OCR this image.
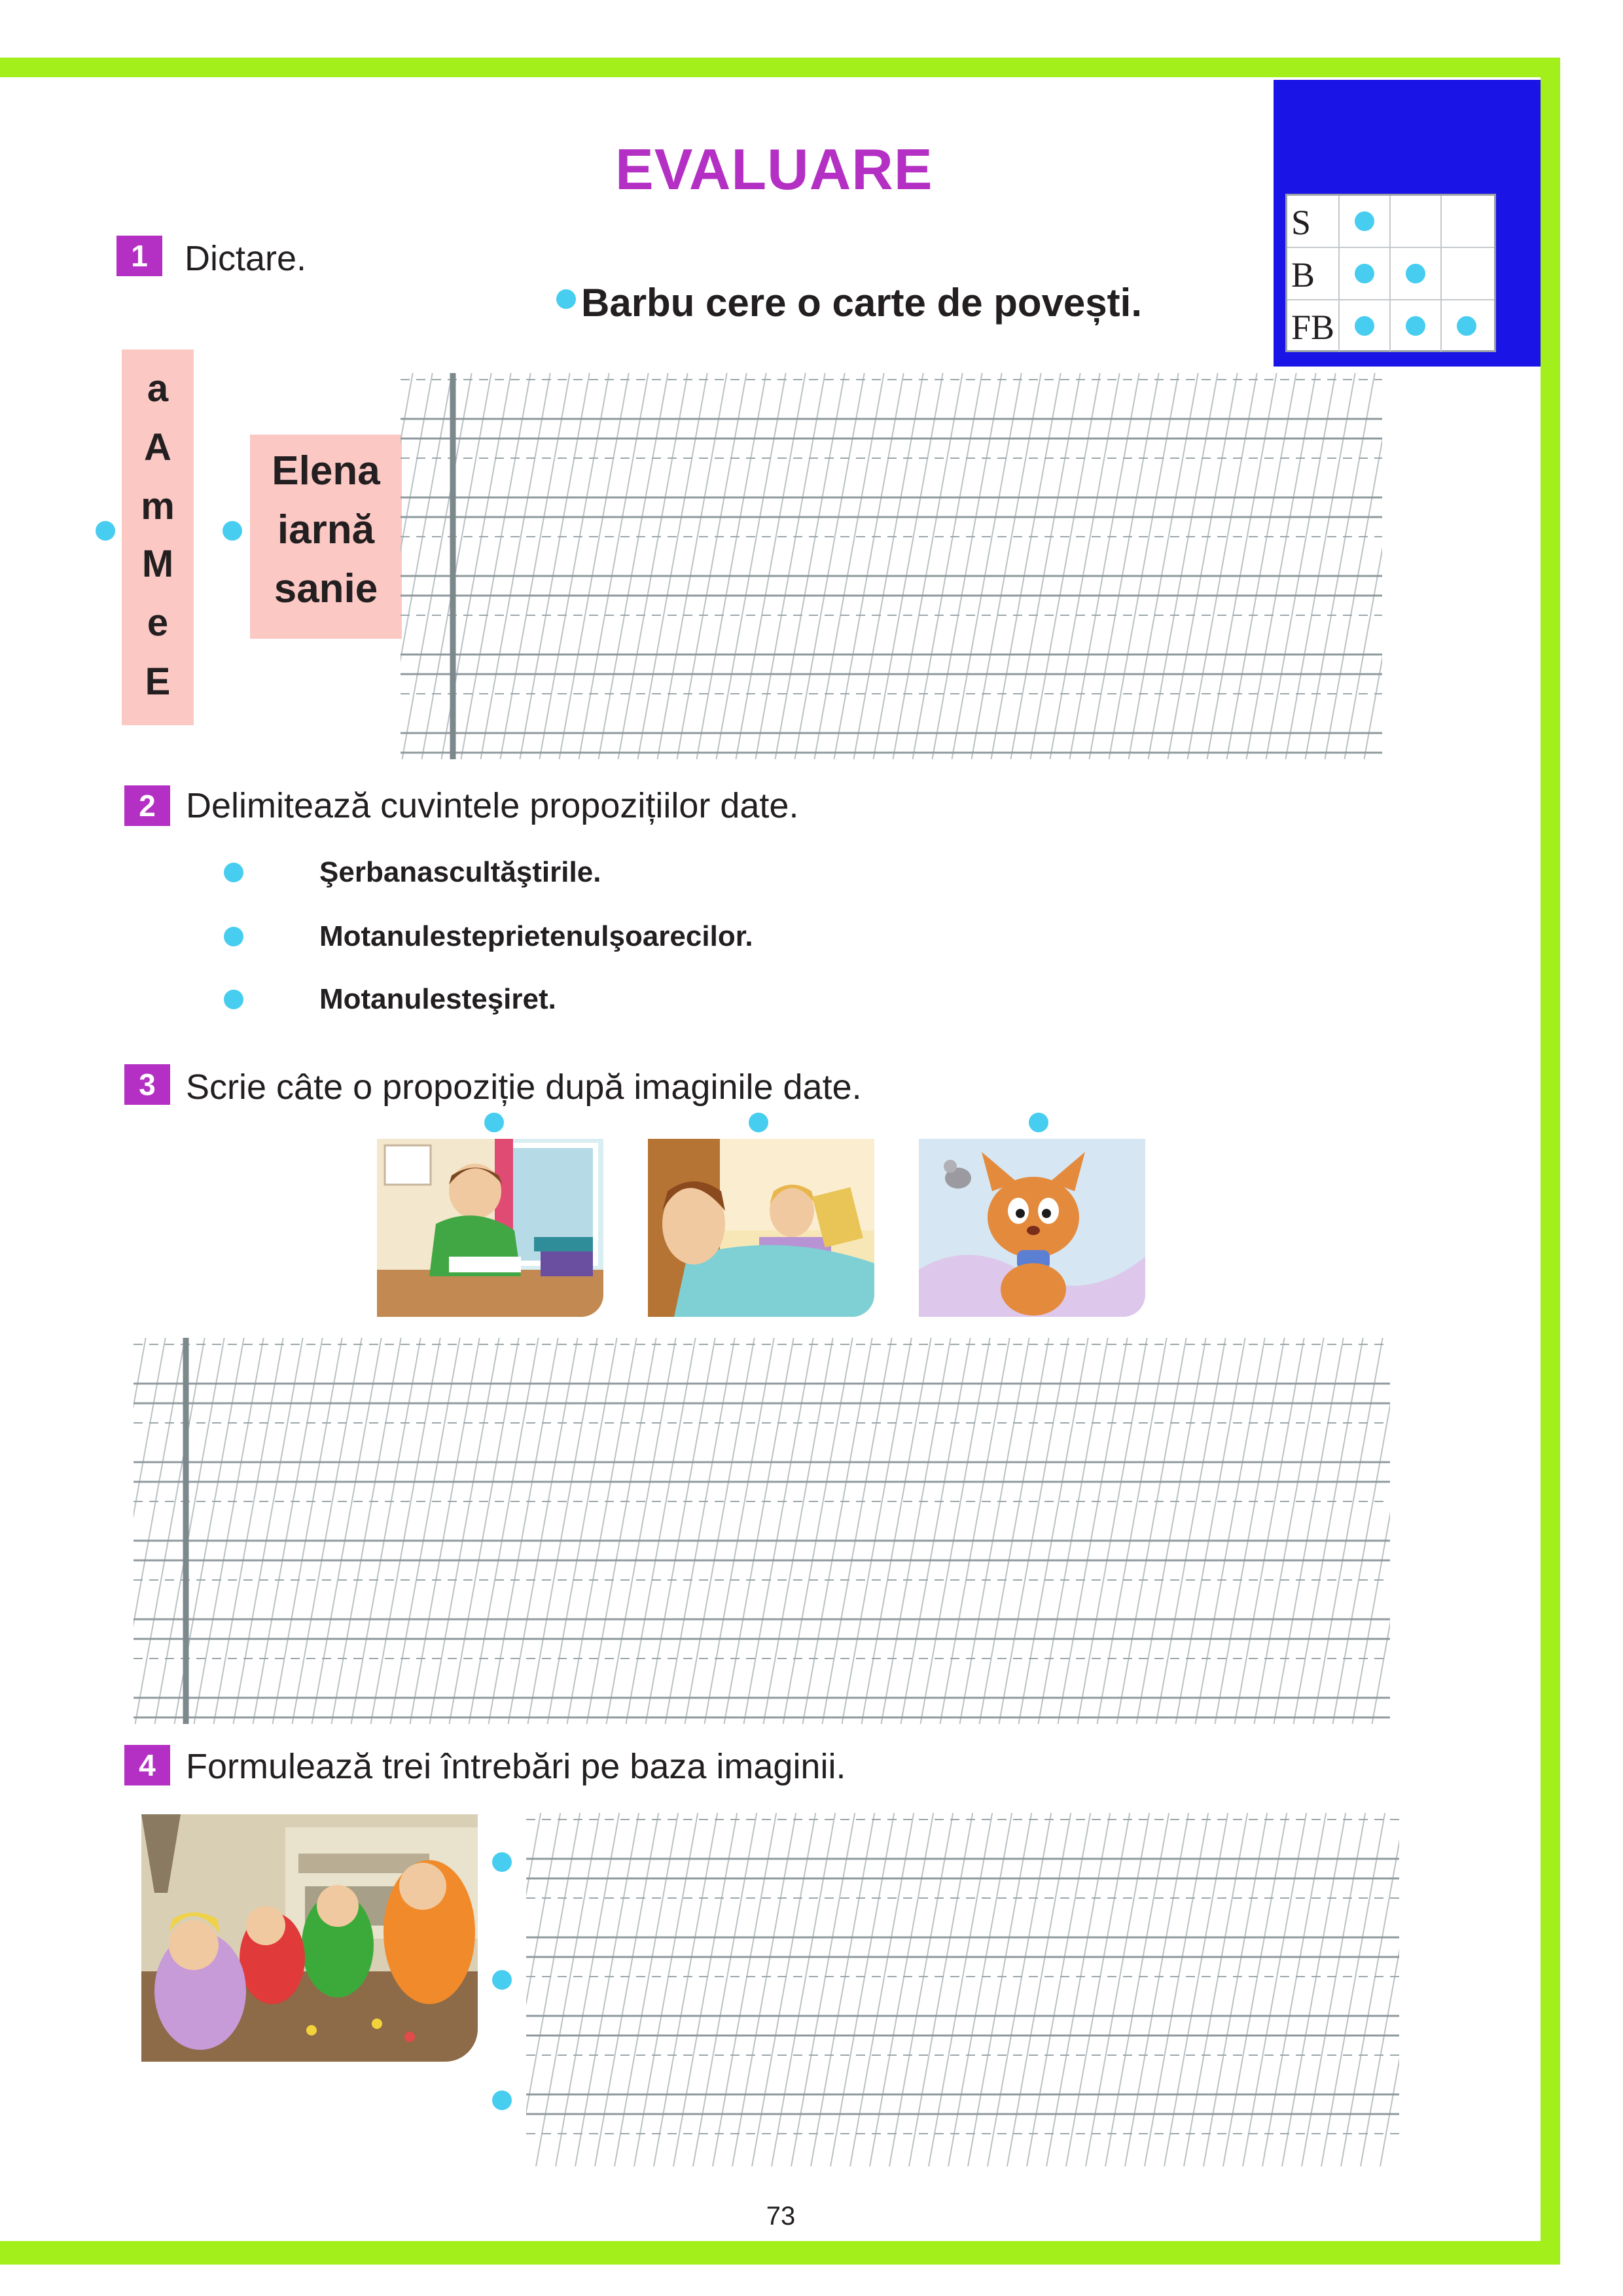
S
B
FB
EVALUARE
1	Dictare.
Barbu cere o carte de povești.
a
A
m
M
e
E
Elena
iarnă
sanie
2 Delimitează cuvintele propozițiilor date.
Şerbanascultăştirile.
Motanulesteprietenulşoarecilor.
Motanulesteşiret.
3 Scrie câte o propoziție după imaginile date.
4 Formulează trei întrebări pe baza imaginii.
73
